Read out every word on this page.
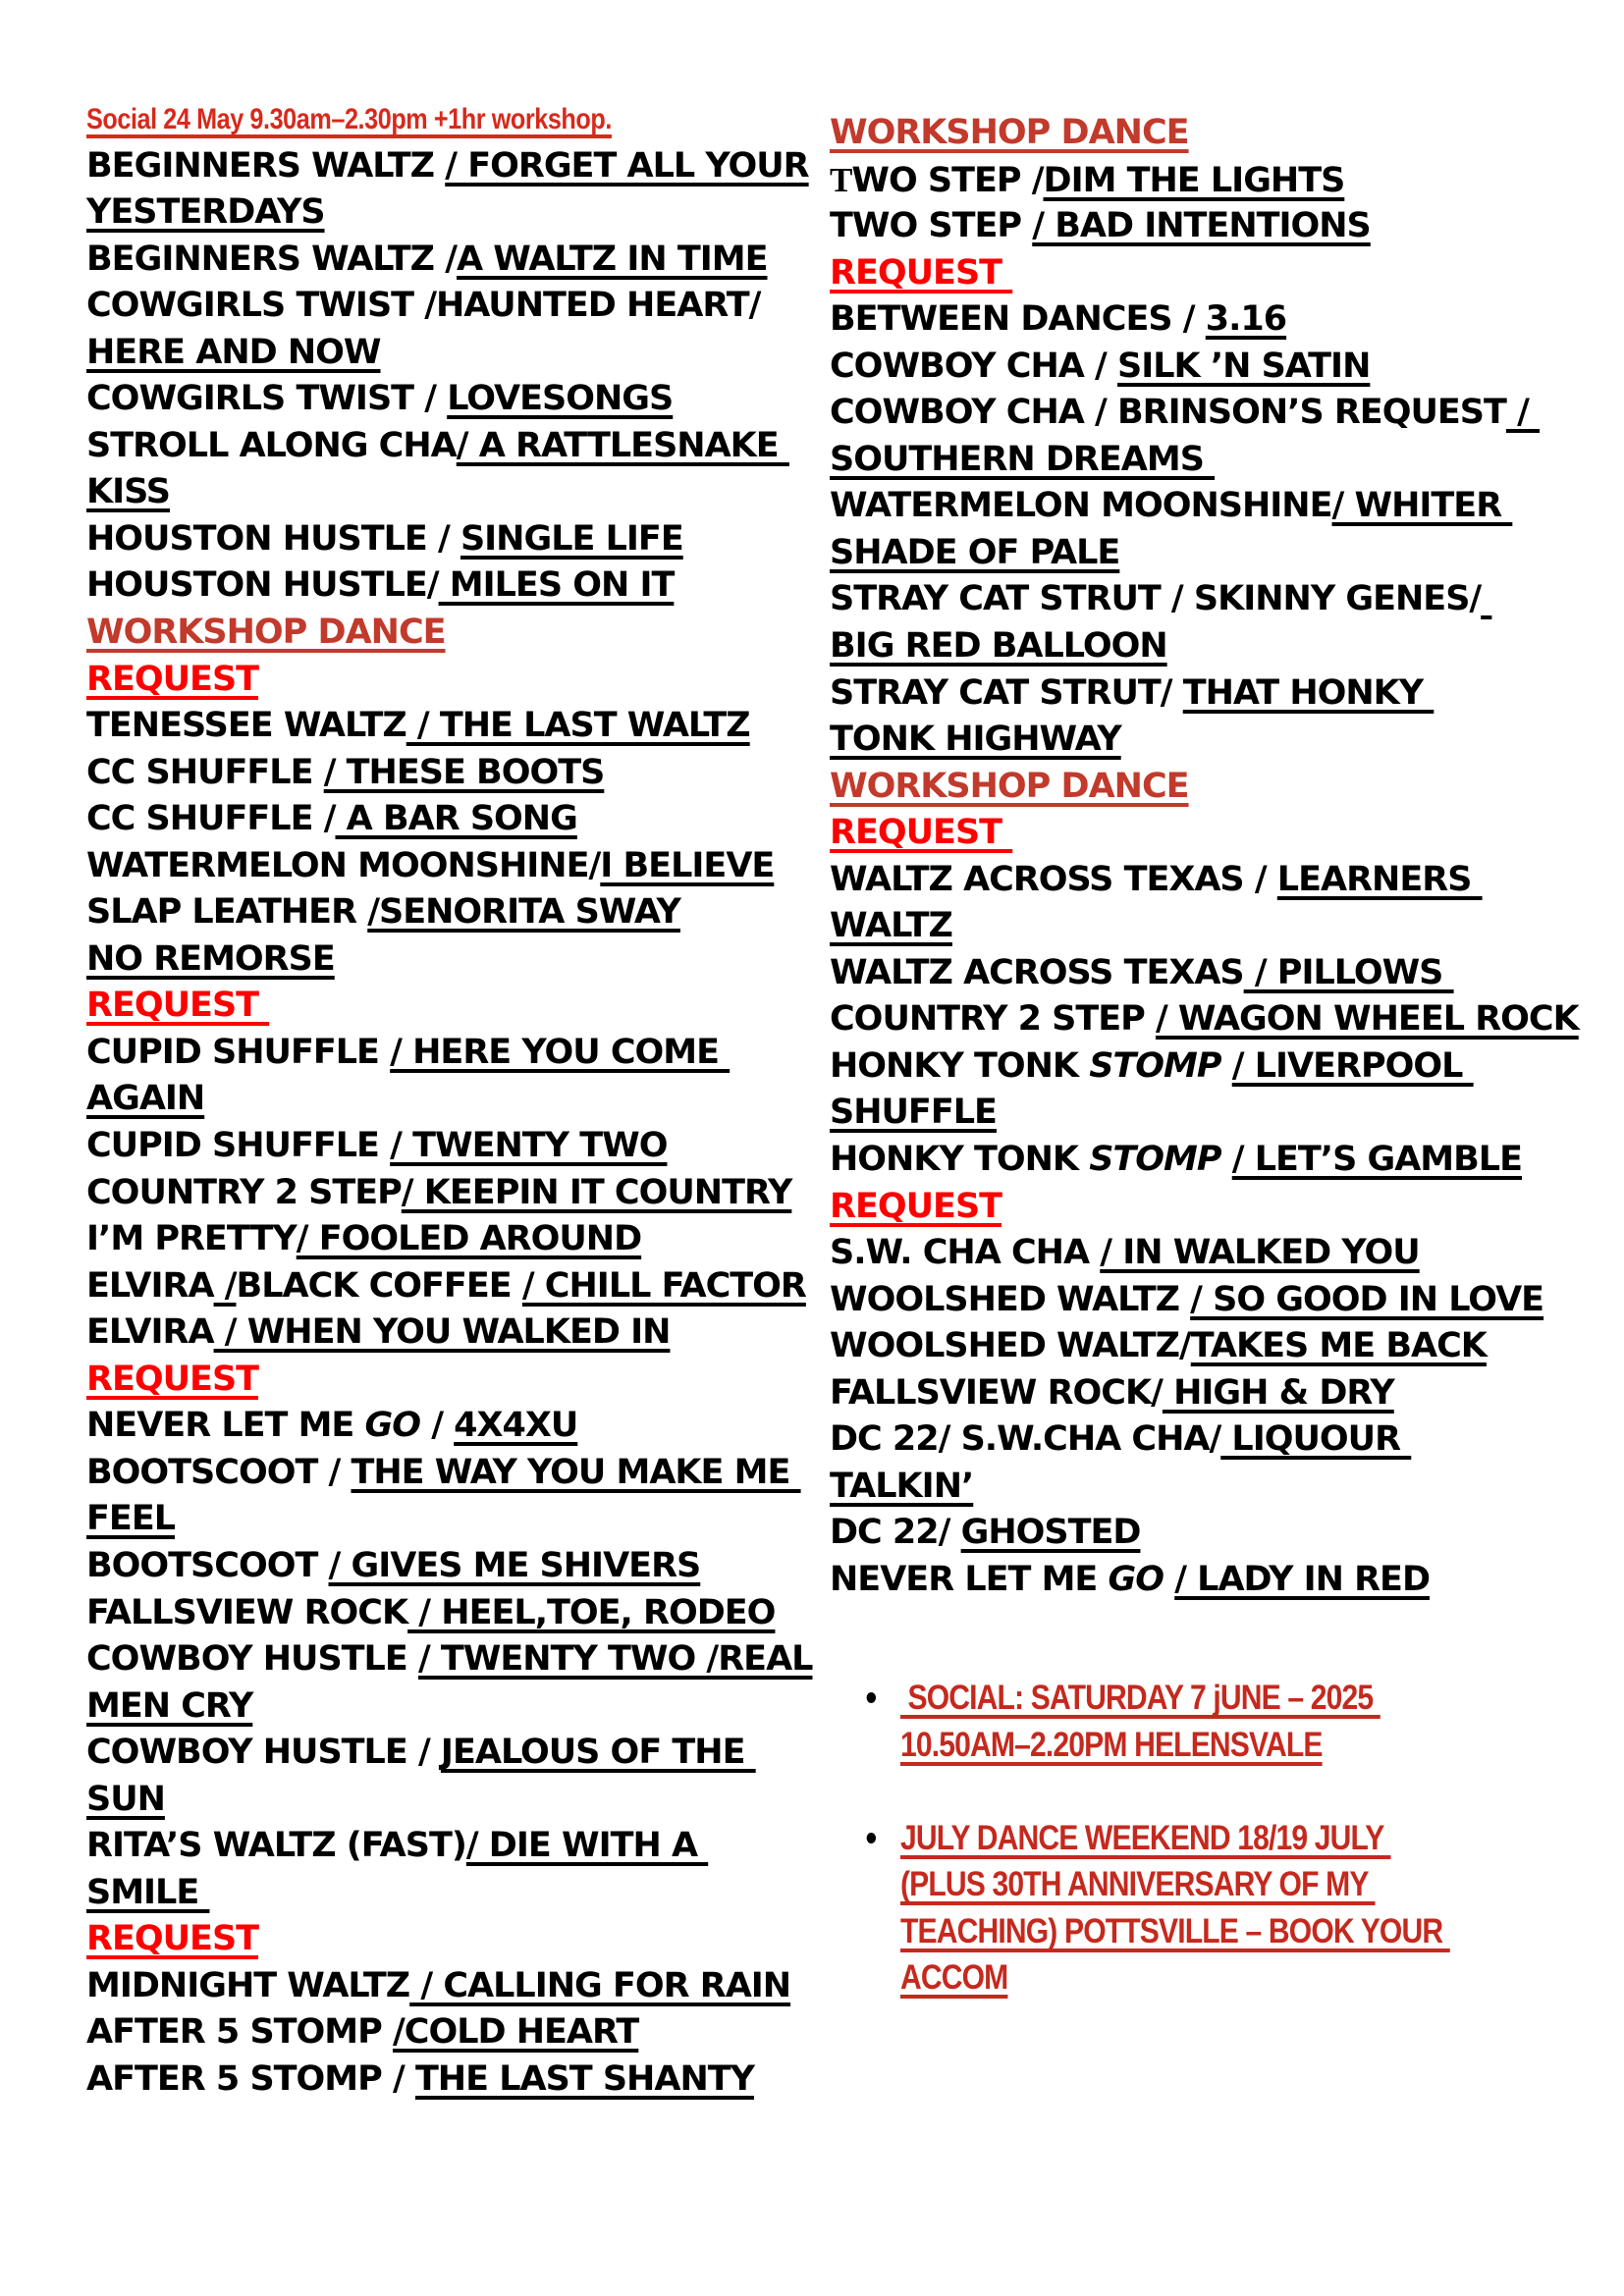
Social 24 May 9.30am–2.30pm +1hr workshop.
BEGINNERS WALTZ / FORGET ALL YOUR
YESTERDAYS
BEGINNERS WALTZ /A WALTZ IN TIME
COWGIRLS TWIST /HAUNTED HEART/
HERE AND NOW
COWGIRLS TWIST / LOVESONGS
STROLL ALONG CHA/ A RATTLESNAKE
KISS
HOUSTON HUSTLE / SINGLE LIFE
HOUSTON HUSTLE/ MILES ON IT
WORKSHOP DANCE
REQUEST
TENESSEE WALTZ / THE LAST WALTZ
CC SHUFFLE / THESE BOOTS
CC SHUFFLE / A BAR SONG
WATERMELON MOONSHINE/I BELIEVE
SLAP LEATHER /SENORITA SWAY
NO REMORSE
REQUEST
CUPID SHUFFLE / HERE YOU COME
AGAIN
CUPID SHUFFLE / TWENTY TWO
COUNTRY 2 STEP/ KEEPIN IT COUNTRY
I’M PRETTY/ FOOLED AROUND
ELVIRA /BLACK COFFEE / CHILL FACTOR
ELVIRA / WHEN YOU WALKED IN
REQUEST
NEVER LET ME GO / 4X4XU
BOOTSCOOT / THE WAY YOU MAKE ME
FEEL
BOOTSCOOT / GIVES ME SHIVERS
FALLSVIEW ROCK / HEEL,TOE, RODEO
COWBOY HUSTLE / TWENTY TWO /REAL
MEN CRY
COWBOY HUSTLE / JEALOUS OF THE
SUN
RITA’S WALTZ (FAST)/ DIE WITH A
SMILE
REQUEST
MIDNIGHT WALTZ / CALLING FOR RAIN
AFTER 5 STOMP /COLD HEART
AFTER 5 STOMP / THE LAST SHANTY
WORKSHOP DANCE
TWO STEP /DIM THE LIGHTS
TWO STEP / BAD INTENTIONS
REQUEST
BETWEEN DANCES / 3.16
COWBOY CHA / SILK ’N SATIN
COWBOY CHA / BRINSON’S REQUEST /
SOUTHERN DREAMS
WATERMELON MOONSHINE/ WHITER
SHADE OF PALE
STRAY CAT STRUT / SKINNY GENES/
BIG RED BALLOON
STRAY CAT STRUT/ THAT HONKY
TONK HIGHWAY
WORKSHOP DANCE
REQUEST
WALTZ ACROSS TEXAS / LEARNERS
WALTZ
WALTZ ACROSS TEXAS / PILLOWS
COUNTRY 2 STEP / WAGON WHEEL ROCK
HONKY TONK STOMP / LIVERPOOL
SHUFFLE
HONKY TONK STOMP / LET’S GAMBLE
REQUEST
S.W. CHA CHA / IN WALKED YOU
WOOLSHED WALTZ / SO GOOD IN LOVE
WOOLSHED WALTZ/TAKES ME BACK
FALLSVIEW ROCK/ HIGH & DRY
DC 22/ S.W.CHA CHA/ LIQUOUR
TALKIN’
DC 22/ GHOSTED
NEVER LET ME GO / LADY IN RED
SOCIAL: SATURDAY 7 jUNE – 2025
10.50AM–2.20PM HELENSVALE

JULY DANCE WEEKEND 18/19 JULY
(PLUS 30TH ANNIVERSARY OF MY
TEACHING) POTTSVILLE – BOOK YOUR
ACCOM
